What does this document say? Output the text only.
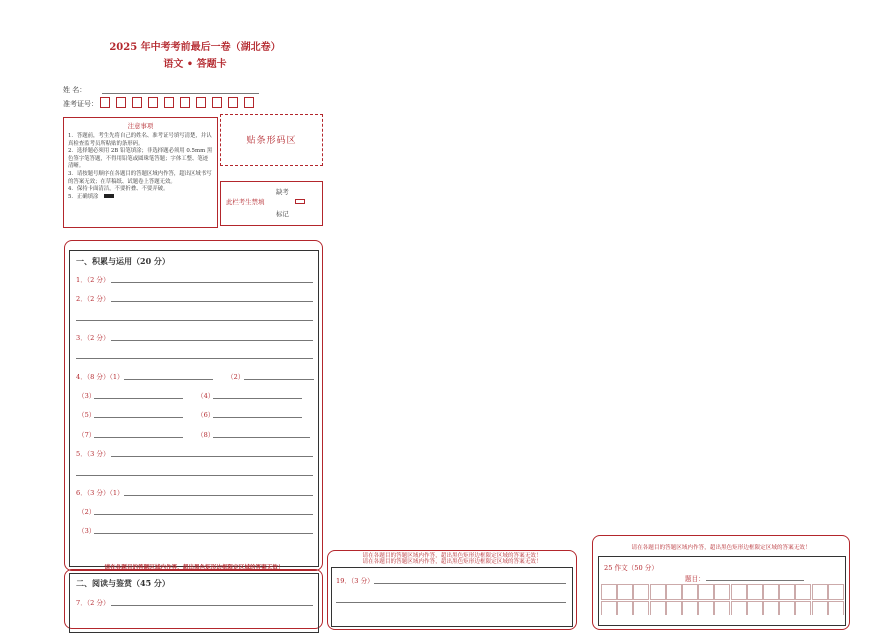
2025 年中考考前最后一卷（湖北卷）
语文 • 答题卡
姓 名：
准考证号：
注意事项

1．答题前，考生先将自己的姓名、准考证号填写清楚，并认真检查监考员所粘贴的条形码。

2．选择题必须用 2B 铅笔填涂；非选择题必须用 0.5mm 黑色签字笔答题，不得用铅笔或圆珠笔答题；字体工整、笔迹清晰。

3．请按题号顺序在各题目的答题区域内作答，超出区域书写的答案无效；在草稿纸、试题卷上答题无效。

4．保持卡面清洁，不要折叠、不要弄破。

5．正确填涂

贴条形码区
此栏考生禁填
缺考
标记
一、积累与运用（20 分）
1．（2 分）
2．（2 分）
3．（2 分）
4．（8 分）（1）	（2）
（3）	（4）
（5）	（6）
（7）	（8）
5．（3 分）
6．（3 分）（1）
（2）
（3）
请在各题目的答题区域内作答，超出黑色矩形边框限定区域的答案无效！
二、阅读与鉴赏（45 分）
7．（2 分）
请在各题目的答题区域内作答，超出黑色矩形边框限定区域的答案无效！
请在各题目的答题区域内作答，超出黑色矩形边框限定区域的答案无效！
19．（3 分）
请在各题目的答题区域内作答，超出黑色矩形边框限定区域的答案无效！
25 作文（50 分）
题目：
